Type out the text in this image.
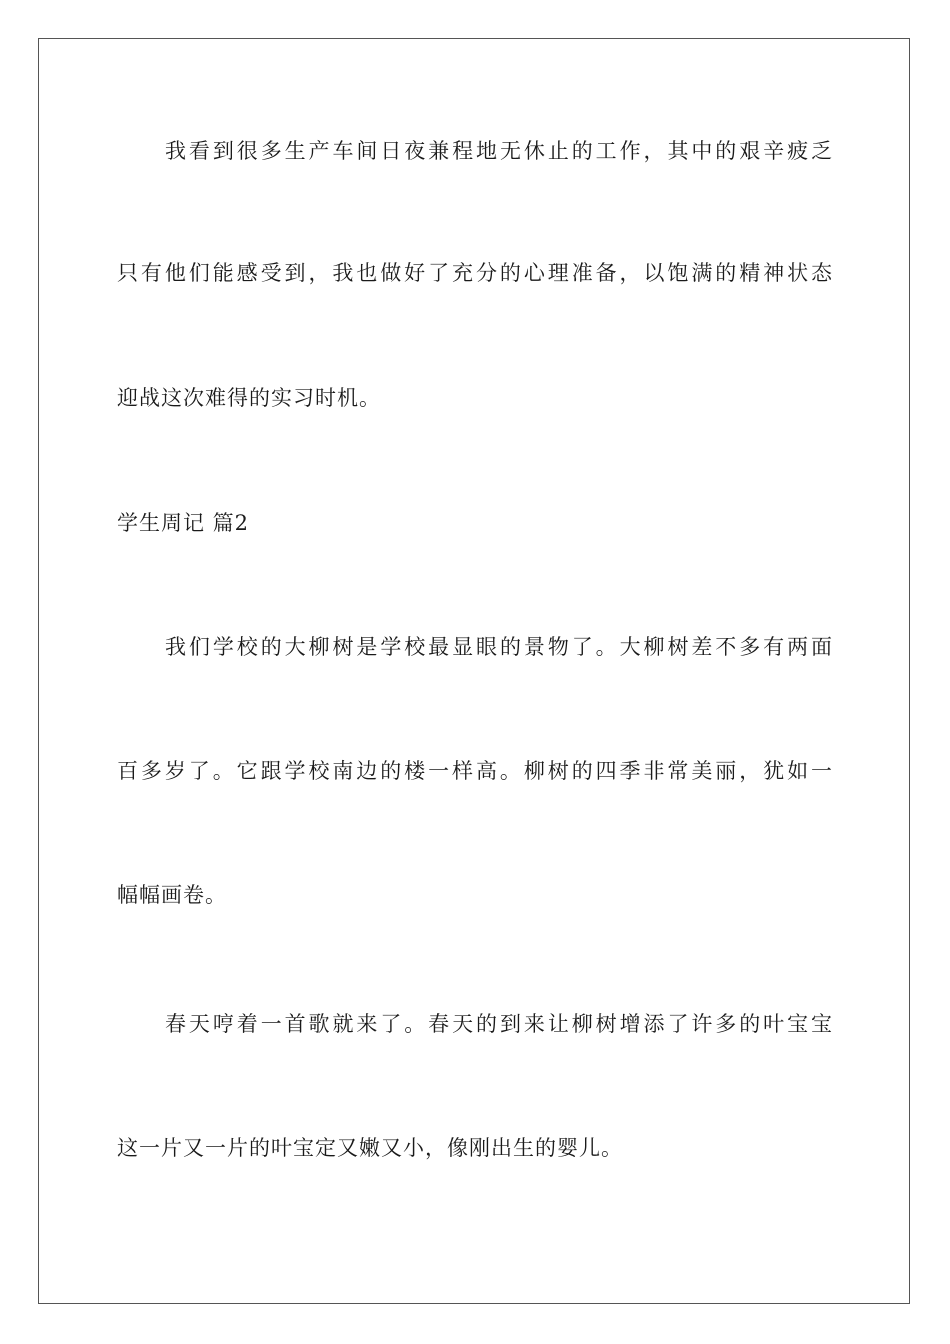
我看到很多生产车间日夜兼程地无休止的工作，其中的艰辛疲乏
只有他们能感受到，我也做好了充分的心理准备，以饱满的精神状态
迎战这次难得的实习时机。
学生周记 篇2
我们学校的大柳树是学校最显眼的景物了。大柳树差不多有两面
百多岁了。它跟学校南边的楼一样高。柳树的四季非常美丽，犹如一
幅幅画卷。
春天哼着一首歌就来了。春天的到来让柳树增添了许多的叶宝宝
这一片又一片的叶宝定又嫩又小，像刚出生的婴儿。
